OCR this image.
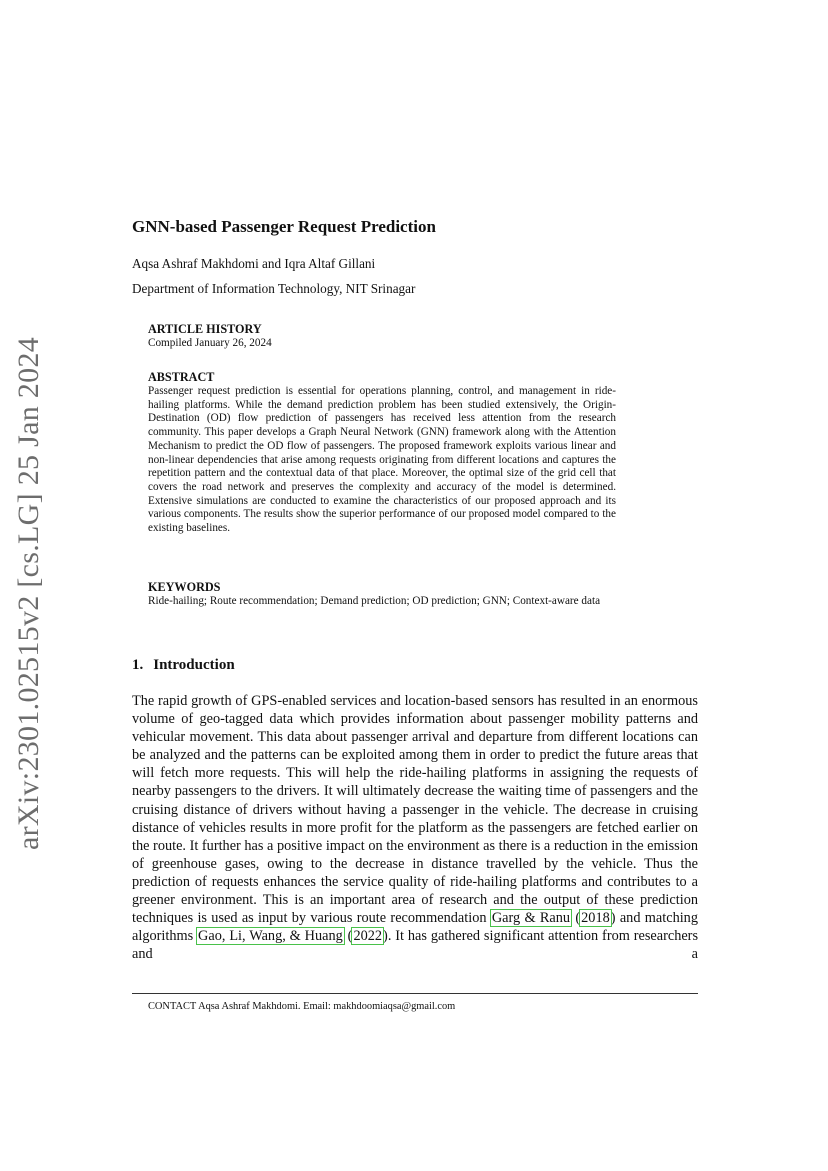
arXiv:2301.02515v2 [cs.LG] 25 Jan 2024
GNN-based Passenger Request Prediction
Aqsa Ashraf Makhdomi and Iqra Altaf Gillani
Department of Information Technology, NIT Srinagar
ARTICLE HISTORY
Compiled January 26, 2024
ABSTRACT

Passenger request prediction is essential for operations planning, control, and management in ride-hailing platforms. While the demand prediction problem has been studied extensively, the Origin-Destination (OD) flow prediction of passengers has received less attention from the research community. This paper develops a Graph Neural Network (GNN) framework along with the Attention Mechanism to predict the OD flow of passengers. The proposed framework exploits various linear and non-linear dependencies that arise among requests originating from different locations and captures the repetition pattern and the contextual data of that place. Moreover, the optimal size of the grid cell that covers the road network and preserves the complexity and accuracy of the model is determined. Extensive simulations are conducted to examine the characteristics of our proposed approach and its various components. The results show the superior performance of our proposed model compared to the existing baselines.

KEYWORDS

Ride-hailing; Route recommendation; Demand prediction; OD prediction; GNN; Context-aware data

1. Introduction

The rapid growth of GPS-enabled services and location-based sensors has resulted in an enormous volume of geo-tagged data which provides information about passenger mobility patterns and vehicular movement. This data about passenger arrival and departure from different locations can be analyzed and the patterns can be exploited among them in order to predict the future areas that will fetch more requests. This will help the ride-hailing platforms in assigning the requests of nearby passengers to the drivers. It will ultimately decrease the waiting time of passengers and the cruising distance of drivers without having a passenger in the vehicle. The decrease in cruising distance of vehicles results in more profit for the platform as the passengers are fetched earlier on the route. It further has a positive impact on the environment as there is a reduction in the emission of greenhouse gases, owing to the decrease in distance travelled by the vehicle. Thus the prediction of requests enhances the service quality of ride-hailing platforms and contributes to a greener environment. This is an important area of research and the output of these prediction techniques is used as input by various route recommendation Garg & Ranu (2018) and matching algorithms Gao, Li, Wang, & Huang (2022). It has gathered significant attention from researchers and a

CONTACT Aqsa Ashraf Makhdomi. Email: makhdoomiaqsa@gmail.com
